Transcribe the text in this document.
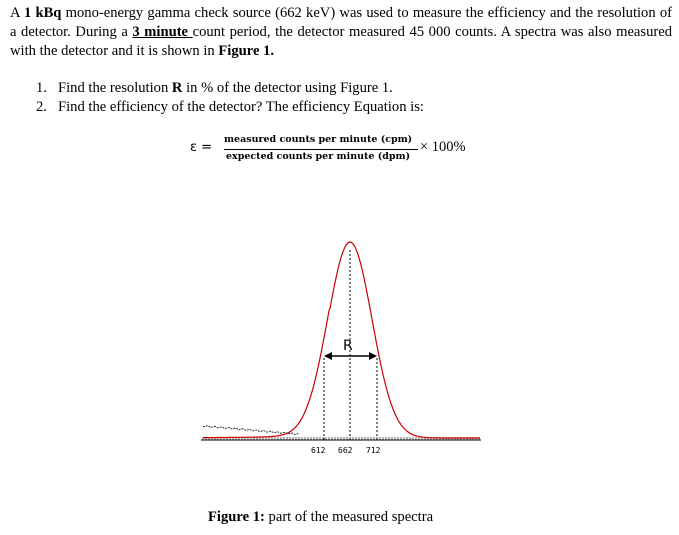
A 1 kBq mono-energy gamma check source (662 keV) was used to measure the efficiency and the resolution of a detector. During a 3 minute count period, the detector measured 45 000 counts. A spectra was also measured with the detector and it is shown in Figure 1.
1. Find the resolution R in % of the detector using Figure 1.
2. Find the efficiency of the detector? The efficiency Equation is:
ε =
measured counts per minute (cpm)
expected counts per minute (dpm)
× 100%
R
612 662 712
Figure 1: part of the measured spectra
